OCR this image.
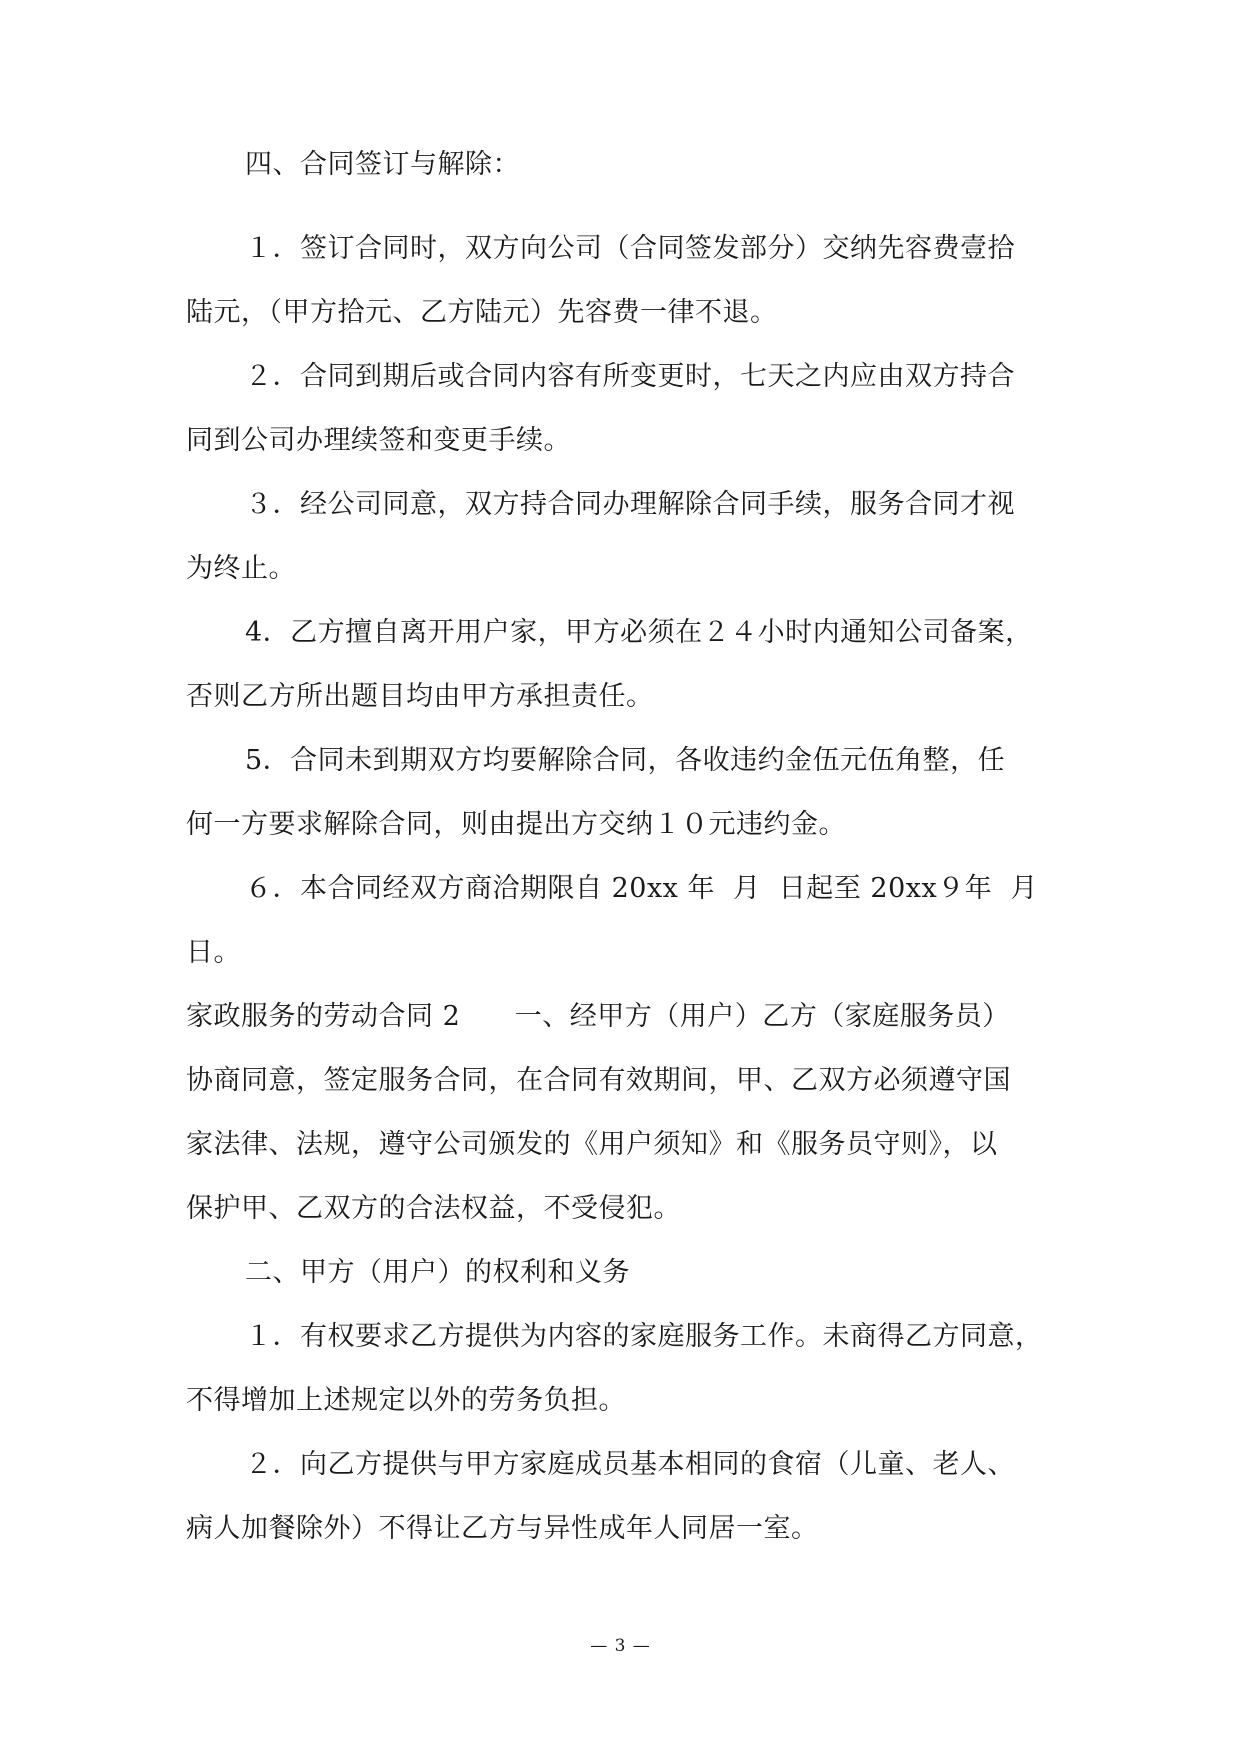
四、合同签订与解除：
１．签订合同时，双方向公司（合同签发部分）交纳先容费壹拾
陆元，（甲方拾元、乙方陆元）先容费一律不退。
２．合同到期后或合同内容有所变更时，七天之内应由双方持合
同到公司办理续签和变更手续。
３．经公司同意，双方持合同办理解除合同手续，服务合同才视
为终止。
4．乙方擅自离开用户家，甲方必须在２４小时内通知公司备案，
否则乙方所出题目均由甲方承担责任。
5．合同未到期双方均要解除合同，各收违约金伍元伍角整，任
何一方要求解除合同，则由提出方交纳１０元违约金。
６．本合同经双方商洽期限自 20xx 年  月  日起至 20xx９年  月
日。
家政服务的劳动合同 2      一、经甲方（用户）乙方（家庭服务员）
协商同意，签定服务合同，在合同有效期间，甲、乙双方必须遵守国
家法律、法规，遵守公司颁发的《用户须知》和《服务员守则》，以
保护甲、乙双方的合法权益，不受侵犯。
二、甲方（用户）的权利和义务
１．有权要求乙方提供为内容的家庭服务工作。未商得乙方同意，
不得增加上述规定以外的劳务负担。
２．向乙方提供与甲方家庭成员基本相同的食宿（儿童、老人、
病人加餐除外）不得让乙方与异性成年人同居一室。
— 3 —
